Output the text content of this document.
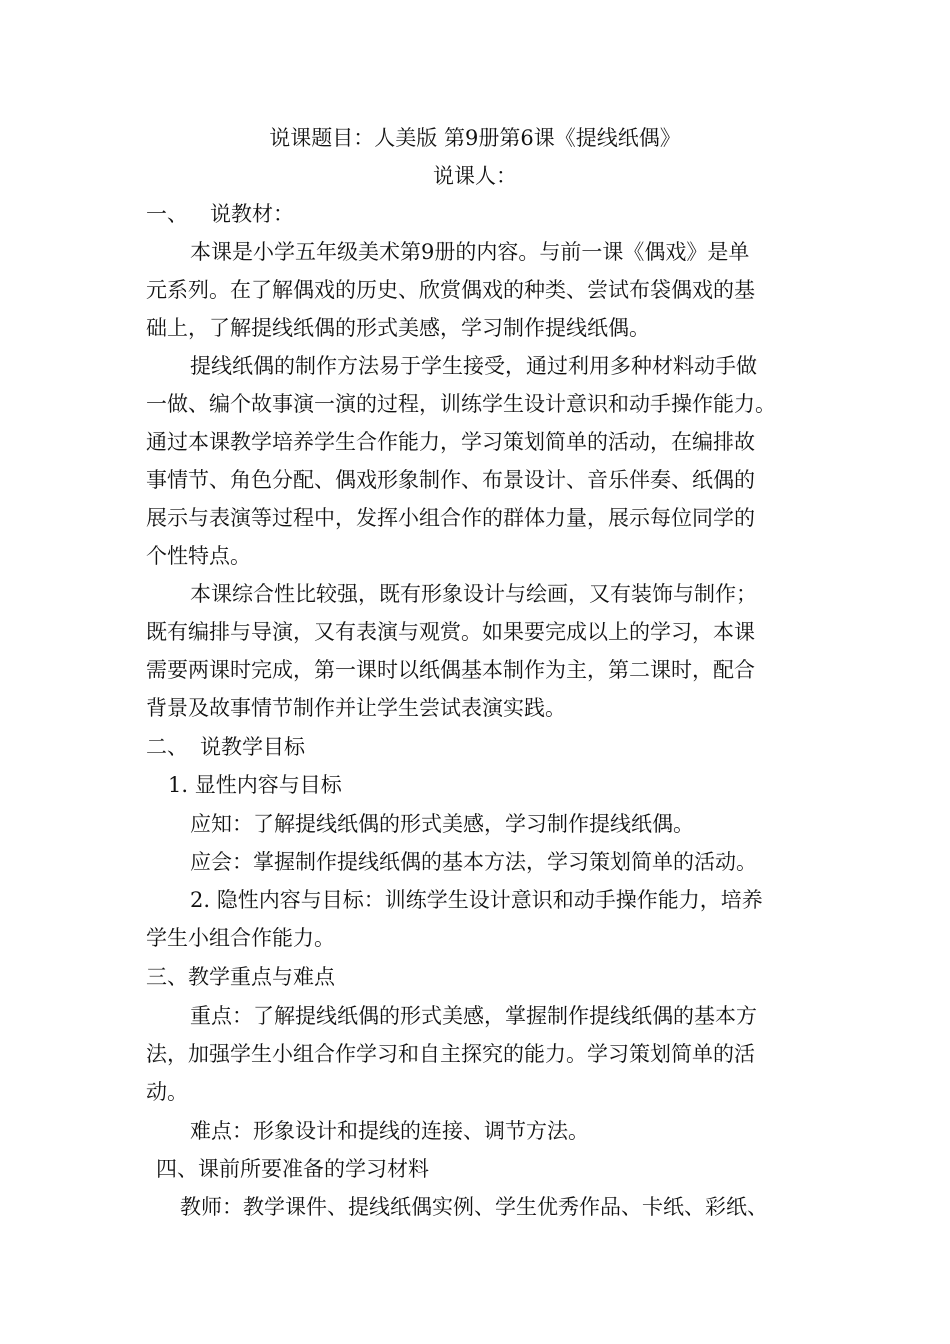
说课题目：人美版 第9册第6课《提线纸偶》
说课人：
一、 说教材：
本课是小学五年级美术第9册的内容。与前一课《偶戏》是单
元系列。在了解偶戏的历史、欣赏偶戏的种类、尝试布袋偶戏的基
础上，了解提线纸偶的形式美感，学习制作提线纸偶。
提线纸偶的制作方法易于学生接受，通过利用多种材料动手做
一做、编个故事演一演的过程，训练学生设计意识和动手操作能力。
通过本课教学培养学生合作能力，学习策划简单的活动，在编排故
事情节、角色分配、偶戏形象制作、布景设计、音乐伴奏、纸偶的
展示与表演等过程中，发挥小组合作的群体力量，展示每位同学的
个性特点。
本课综合性比较强，既有形象设计与绘画，又有装饰与制作；
既有编排与导演，又有表演与观赏。如果要完成以上的学习，本课
需要两课时完成，第一课时以纸偶基本制作为主，第二课时，配合
背景及故事情节制作并让学生尝试表演实践。
二、 说教学目标
1. 显性内容与目标
应知：了解提线纸偶的形式美感，学习制作提线纸偶。
应会：掌握制作提线纸偶的基本方法，学习策划简单的活动。
2. 隐性内容与目标：训练学生设计意识和动手操作能力，培养
学生小组合作能力。
三、教学重点与难点
重点：了解提线纸偶的形式美感，掌握制作提线纸偶的基本方
法，加强学生小组合作学习和自主探究的能力。学习策划简单的活
动。
难点：形象设计和提线的连接、调节方法。
四、课前所要准备的学习材料
教师：教学课件、提线纸偶实例、学生优秀作品、卡纸、彩纸、
